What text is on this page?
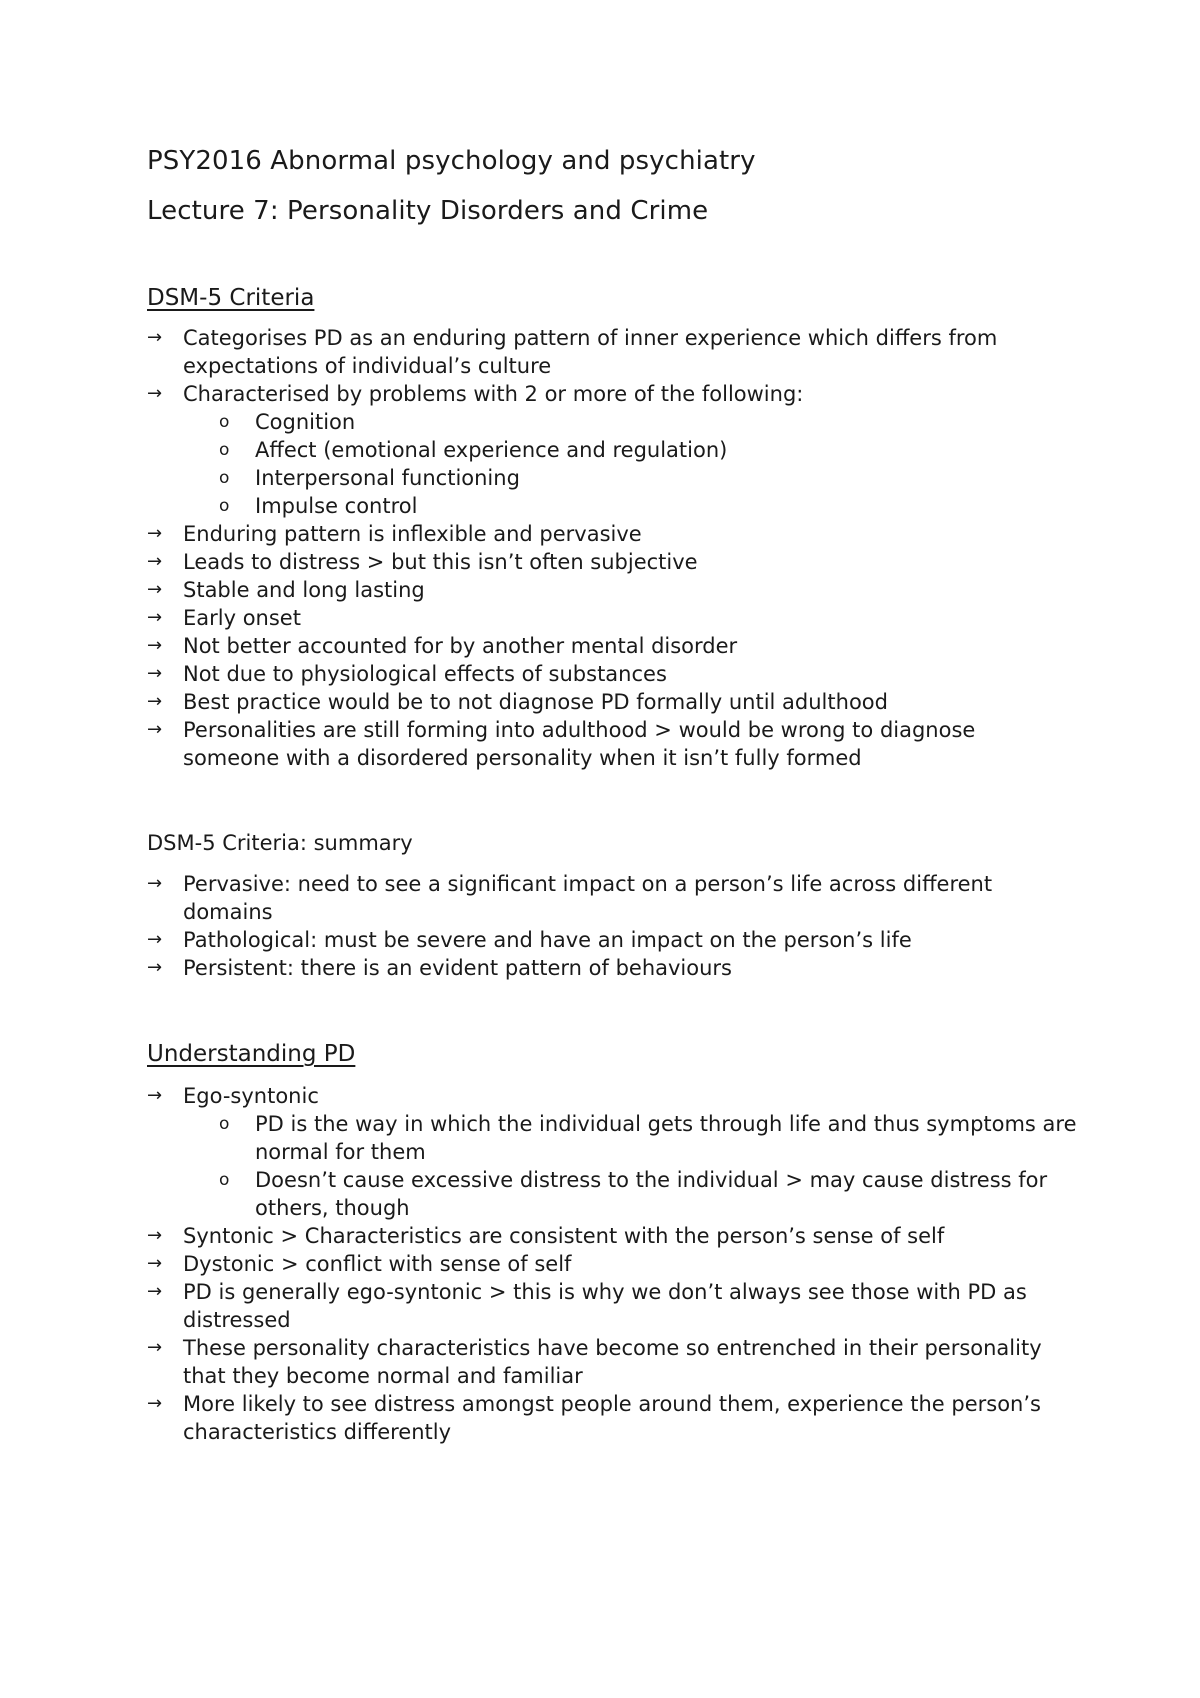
PSY2016 Abnormal psychology and psychiatry
Lecture 7: Personality Disorders and Crime
DSM-5 Criteria
→ Categorises PD as an enduring pattern of inner experience which differs from expectations of individual’s culture
→ Characterised by problems with 2 or more of the following:
o Cognition
o Affect (emotional experience and regulation)
o Interpersonal functioning
o Impulse control
→ Enduring pattern is inflexible and pervasive
→ Leads to distress > but this isn’t often subjective
→ Stable and long lasting
→ Early onset
→ Not better accounted for by another mental disorder
→ Not due to physiological effects of substances
→ Best practice would be to not diagnose PD formally until adulthood
→ Personalities are still forming into adulthood > would be wrong to diagnose someone with a disordered personality when it isn’t fully formed
DSM-5 Criteria: summary
→ Pervasive: need to see a significant impact on a person’s life across different domains
→ Pathological: must be severe and have an impact on the person’s life
→ Persistent: there is an evident pattern of behaviours
Understanding PD
→ Ego-syntonic
o PD is the way in which the individual gets through life and thus symptoms are normal for them
o Doesn’t cause excessive distress to the individual > may cause distress for others, though
→ Syntonic > Characteristics are consistent with the person’s sense of self
→ Dystonic > conflict with sense of self
→ PD is generally ego-syntonic > this is why we don’t always see those with PD as distressed
→ These personality characteristics have become so entrenched in their personality that they become normal and familiar
→ More likely to see distress amongst people around them, experience the person’s characteristics differently
